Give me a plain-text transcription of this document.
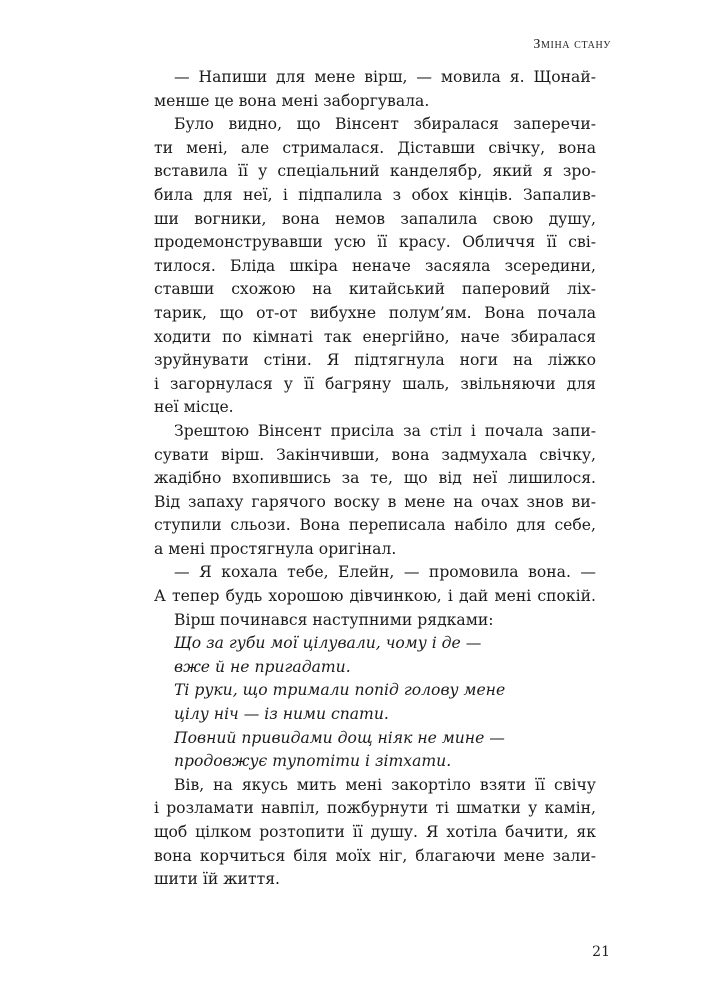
Зміна стану
— Напиши для мене вірш, — мовила я. Щонай-
менше це вона мені заборгувала.
Було видно, що Вінсент збиралася заперечи-
ти мені, але стрималася. Діставши свічку, вона
вставила її у спеціальний канделябр, який я зро-
била для неї, і підпалила з обох кінців. Запалив-
ши вогники, вона немов запалила свою душу,
продемонструвавши усю її красу. Обличчя її сві-
тилося. Бліда шкіра неначе засяяла зсередини,
ставши схожою на китайський паперовий ліх-
тарик, що от-от вибухне полум’ям. Вона почала
ходити по кімнаті так енергійно, наче збиралася
зруйнувати стіни. Я підтягнула ноги на ліжко
і загорнулася у її багряну шаль, звільняючи для
неї місце.
Зрештою Вінсент присіла за стіл і почала запи-
сувати вірш. Закінчивши, вона задмухала свічку,
жадібно вхопившись за те, що від неї лишилося.
Від запаху гарячого воску в мене на очах знов ви-
ступили сльози. Вона переписала набіло для себе,
а мені простягнула оригінал.
— Я кохала тебе, Елейн, — промовила вона. —
А тепер будь хорошою дівчинкою, і дай мені спокій.
Вірш починався наступними рядками:
Що за губи мої цілували, чому і де —
вже й не пригадати.
Ті руки, що тримали попід голову мене
цілу ніч — із ними спати.
Повний привидами дощ ніяк не мине —
продовжує тупотіти і зітхати.
Вів, на якусь мить мені закортіло взяти її свічу
і розламати навпіл, пожбурнути ті шматки у камін,
щоб цілком розтопити її душу. Я хотіла бачити, як
вона корчиться біля моїх ніг, благаючи мене зали-
шити їй життя.
21
